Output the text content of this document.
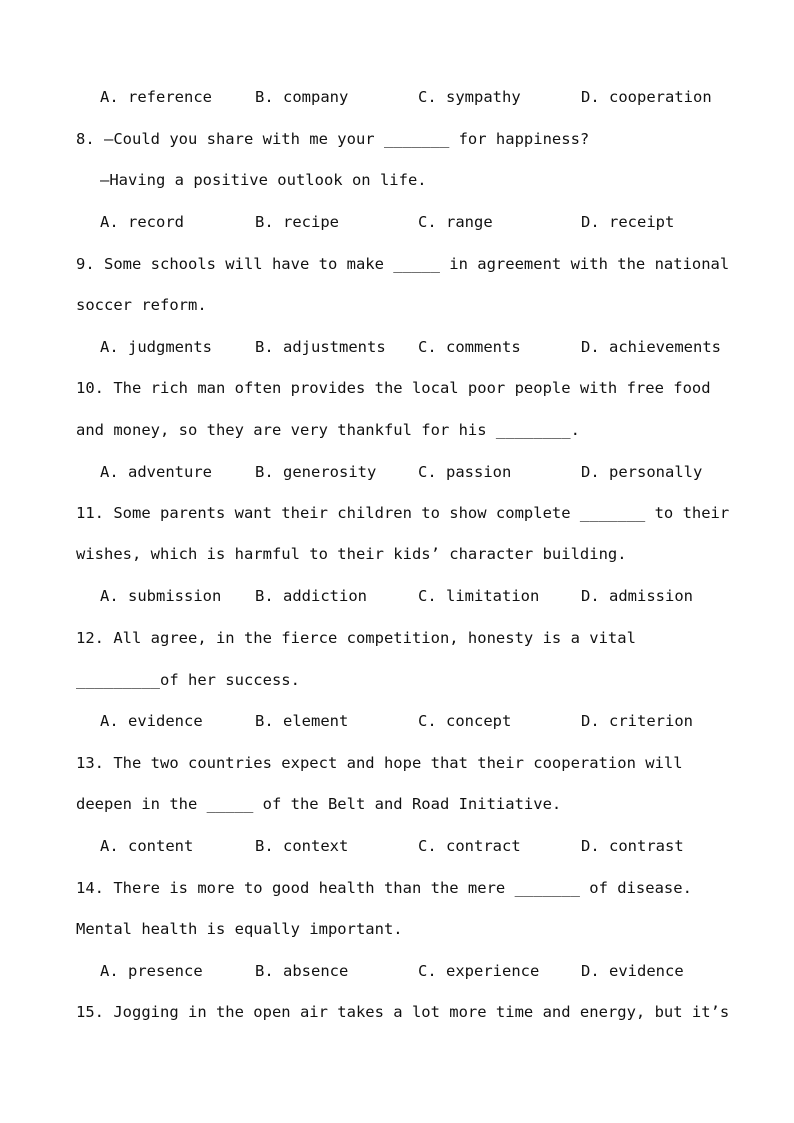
A. reference	B. company	C. sympathy	D. cooperation
8. —Could you share with me your _______ for happiness?
—Having a positive outlook on life.
A. record	B. recipe	C. range	D. receipt
9. Some schools will have to make _____ in agreement with the national
soccer reform.
A. judgments	B. adjustments C. comments	D. achievements
10. The rich man often provides the local poor people with free food
and money, so they are very thankful for his ________.
A. adventure	B. generosity	C. passion	D. personally
11. Some parents want their children to show complete _______ to their
wishes, which is harmful to their kids’ character building.
A. submission B. addiction	C. limitation	D. admission
12. All agree, in the fierce competition, honesty is a vital
_________of her success.
A. evidence	B. element	C. concept	D. criterion
13. The two countries expect and hope that their cooperation will
deepen in the _____ of the Belt and Road Initiative.
A. content	B. context	C. contract	D. contrast
14. There is more to good health than the mere _______ of disease.
Mental health is equally important.
A. presence	B. absence	C. experience	D. evidence
15. Jogging in the open air takes a lot more time and energy, but it’s
